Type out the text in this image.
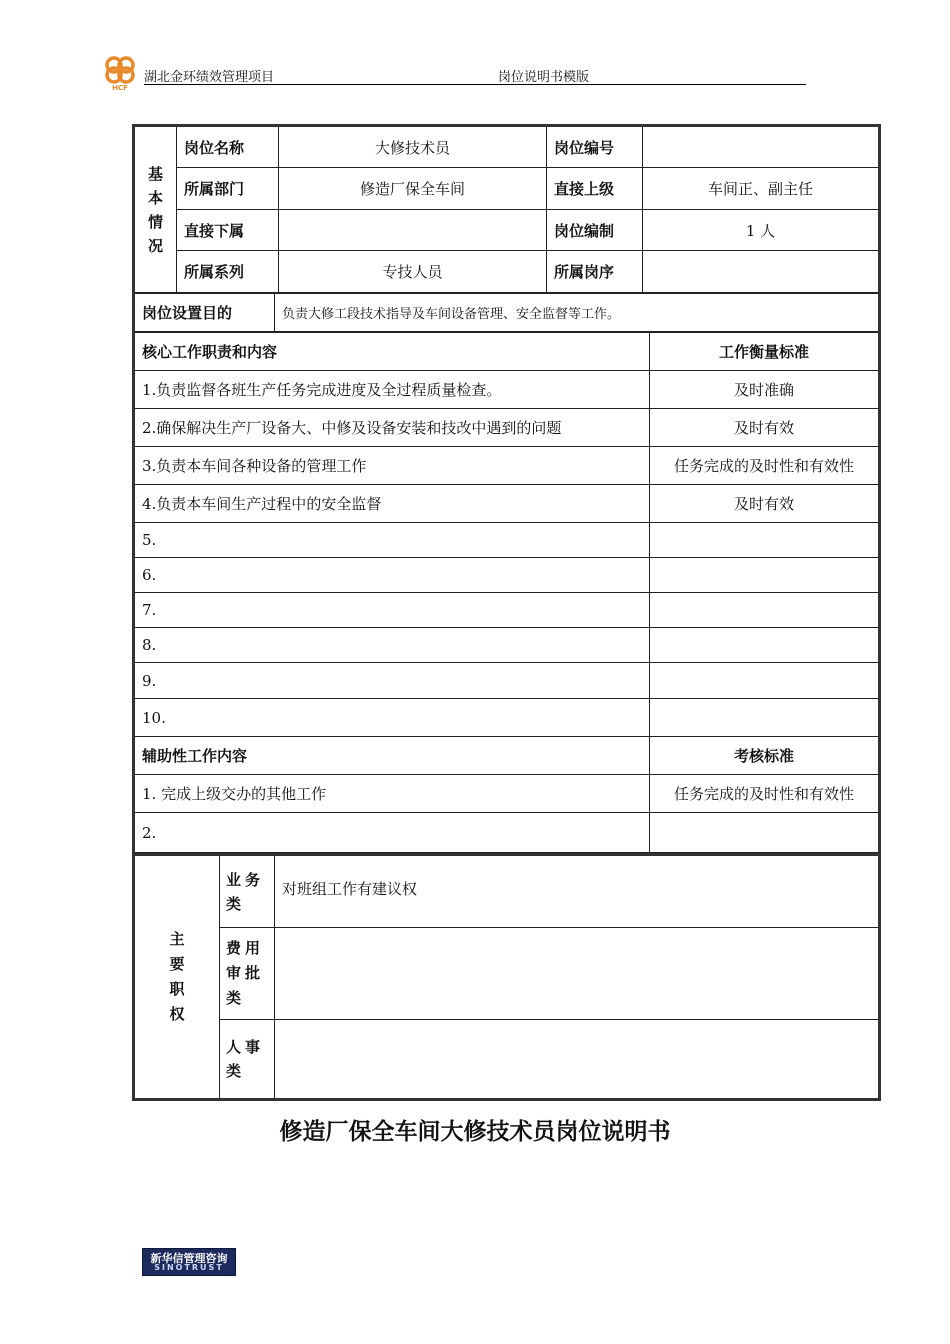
HCF
湖北金环绩效管理项目	岗位说明书模版
基本情况	岗位名称	大修技术员	岗位编号	
	所属部门	修造厂保全车间	直接上级	车间正、副主任
	直接下属		岗位编制	1 人
	所属系列	专技人员	所属岗序	
岗位设置目的	负责大修工段技术指导及车间设备管理、安全监督等工作。
核心工作职责和内容	工作衡量标准
1.负责监督各班生产任务完成进度及全过程质量检查。	及时准确
2.确保解决生产厂设备大、中修及设备安装和技改中遇到的问题	及时有效
3.负责本车间各种设备的管理工作	任务完成的及时性和有效性
4.负责本车间生产过程中的安全监督	及时有效
5.	
6.	
7.	
8.	
9.	
10.	
辅助性工作内容	考核标准
1. 完成上级交办的其他工作	任务完成的及时性和有效性
2.	
主要职权	业务类	对班组工作有建议权

	费用审批类	

	人事类	

修造厂保全车间大修技术员岗位说明书
新华信管理咨询
SINOTRUST
